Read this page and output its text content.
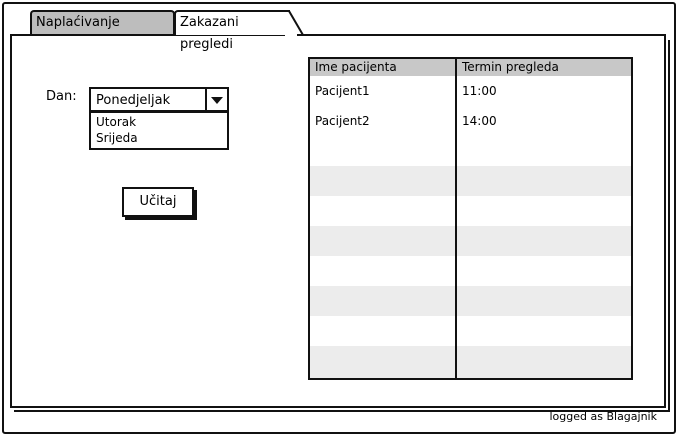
Naplaćivanje	Zakazani pregledi
Dan: Ponedjeljak
Utorak
Srijeda
Učitaj
Ime pacijenta	Termin pregleda
Pacijent1	11:00
Pacijent2	14:00
logged as Blagajnik
